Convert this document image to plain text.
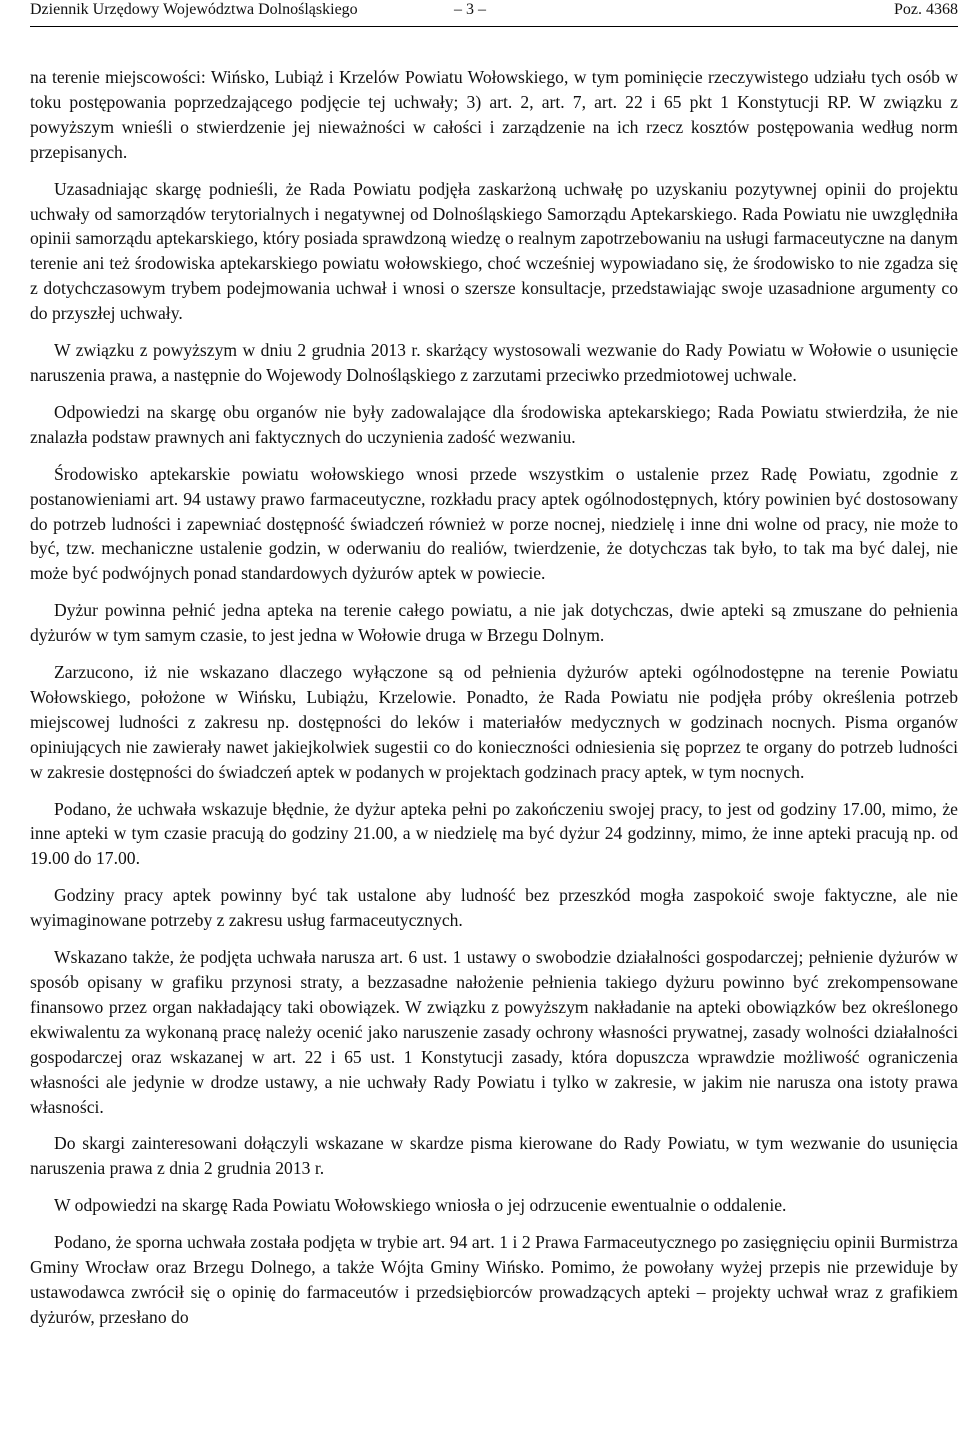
Dziennik Urzędowy Województwa Dolnośląskiego	– 3 –	Poz. 4368

na terenie miejscowości: Wińsko, Lubiąż i Krzelów Powiatu Wołowskiego, w tym pominięcie rzeczywistego udziału tych osób w toku postępowania poprzedzającego podjęcie tej uchwały; 3) art. 2, art. 7, art. 22 i 65 pkt 1 Konstytucji RP. W związku z powyższym wnieśli o stwierdzenie jej nieważności w całości i zarządzenie na ich rzecz kosztów postępowania według norm przepisanych.

Uzasadniając skargę podnieśli, że Rada Powiatu podjęła zaskarżoną uchwałę po uzyskaniu pozytywnej opinii do projektu uchwały od samorządów terytorialnych i negatywnej od Dolnośląskiego Samorządu Aptekarskiego. Rada Powiatu nie uwzględniła opinii samorządu aptekarskiego, który posiada sprawdzoną wiedzę o realnym zapotrzebowaniu na usługi farmaceutyczne na danym terenie ani też środowiska aptekarskiego powiatu wołowskiego, choć wcześniej wypowiadano się, że środowisko to nie zgadza się z dotychczasowym trybem podejmowania uchwał i wnosi o szersze konsultacje, przedstawiając swoje uzasadnione argumenty co do przyszłej uchwały.

W związku z powyższym w dniu 2 grudnia 2013 r. skarżący wystosowali wezwanie do Rady Powiatu w Wołowie o usunięcie naruszenia prawa, a następnie do Wojewody Dolnośląskiego z zarzutami przeciwko przedmiotowej uchwale.

Odpowiedzi na skargę obu organów nie były zadowalające dla środowiska aptekarskiego; Rada Powiatu stwierdziła, że nie znalazła podstaw prawnych ani faktycznych do uczynienia zadość wezwaniu.

Środowisko aptekarskie powiatu wołowskiego wnosi przede wszystkim o ustalenie przez Radę Powiatu, zgodnie z postanowieniami art. 94 ustawy prawo farmaceutyczne, rozkładu pracy aptek ogólnodostępnych, który powinien być dostosowany do potrzeb ludności i zapewniać dostępność świadczeń również w porze nocnej, niedzielę i inne dni wolne od pracy, nie może to być, tzw. mechaniczne ustalenie godzin, w oderwaniu do realiów, twierdzenie, że dotychczas tak było, to tak ma być dalej, nie może być podwójnych ponad standardowych dyżurów aptek w powiecie.

Dyżur powinna pełnić jedna apteka na terenie całego powiatu, a nie jak dotychczas, dwie apteki są zmuszane do pełnienia dyżurów w tym samym czasie, to jest jedna w Wołowie druga w Brzegu Dolnym.

Zarzucono, iż nie wskazano dlaczego wyłączone są od pełnienia dyżurów apteki ogólnodostępne na terenie Powiatu Wołowskiego, położone w Wińsku, Lubiążu, Krzelowie. Ponadto, że Rada Powiatu nie podjęła próby określenia potrzeb miejscowej ludności z zakresu np. dostępności do leków i materiałów medycznych w godzinach nocnych. Pisma organów opiniujących nie zawierały nawet jakiejkolwiek sugestii co do konieczności odniesienia się poprzez te organy do potrzeb ludności w zakresie dostępności do świadczeń aptek w podanych w projektach godzinach pracy aptek, w tym nocnych.

Podano, że uchwała wskazuje błędnie, że dyżur apteka pełni po zakończeniu swojej pracy, to jest od godziny 17.00, mimo, że inne apteki w tym czasie pracują do godziny 21.00, a w niedzielę ma być dyżur 24 godzinny, mimo, że inne apteki pracują np. od 19.00 do 17.00.

Godziny pracy aptek powinny być tak ustalone aby ludność bez przeszkód mogła zaspokoić swoje faktyczne, ale nie wyimaginowane potrzeby z zakresu usług farmaceutycznych.

Wskazano także, że podjęta uchwała narusza art. 6 ust. 1 ustawy o swobodzie działalności gospodarczej; pełnienie dyżurów w sposób opisany w grafiku przynosi straty, a bezzasadne nałożenie pełnienia takiego dyżuru powinno być zrekompensowane finansowo przez organ nakładający taki obowiązek. W związku z powyższym nakładanie na apteki obowiązków bez określonego ekwiwalentu za wykonaną pracę należy ocenić jako naruszenie zasady ochrony własności prywatnej, zasady wolności działalności gospodarczej oraz wskazanej w art. 22 i 65 ust. 1 Konstytucji zasady, która dopuszcza wprawdzie możliwość ograniczenia własności ale jedynie w drodze ustawy, a nie uchwały Rady Powiatu i tylko w zakresie, w jakim nie narusza ona istoty prawa własności.

Do skargi zainteresowani dołączyli wskazane w skardze pisma kierowane do Rady Powiatu, w tym wezwanie do usunięcia naruszenia prawa z dnia 2 grudnia 2013 r.

W odpowiedzi na skargę Rada Powiatu Wołowskiego wniosła o jej odrzucenie ewentualnie o oddalenie.

Podano, że sporna uchwała została podjęta w trybie art. 94 art. 1 i 2 Prawa Farmaceutycznego po zasięgnięciu opinii Burmistrza Gminy Wrocław oraz Brzegu Dolnego, a także Wójta Gminy Wińsko. Pomimo, że powołany wyżej przepis nie przewiduje by ustawodawca zwrócił się o opinię do farmaceutów i przedsiębiorców prowadzących apteki – projekty uchwał wraz z grafikiem dyżurów, przesłano do
